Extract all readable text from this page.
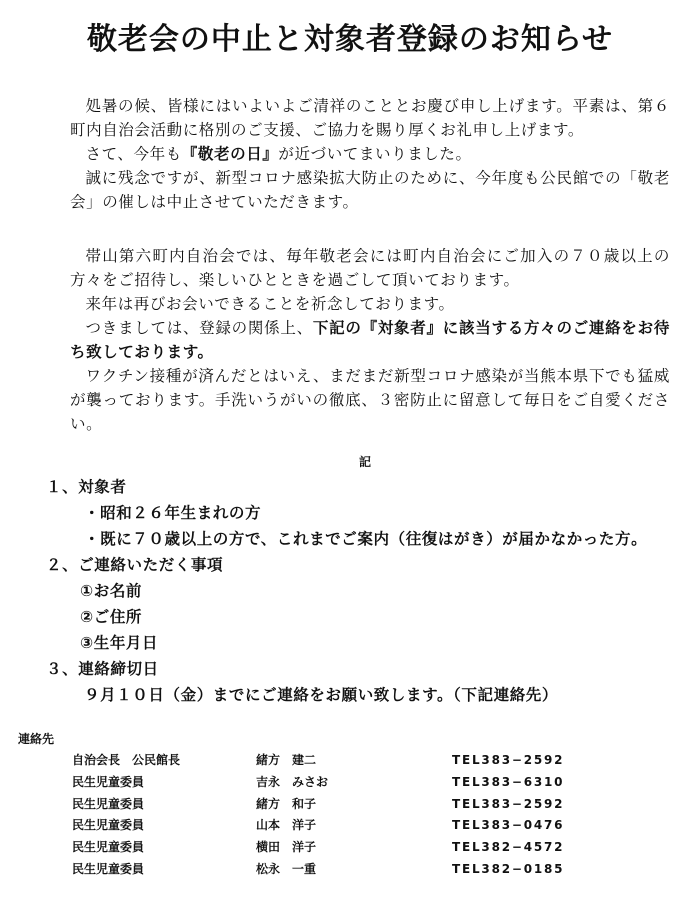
敬老会の中止と対象者登録のお知らせ

処暑の候、皆様にはいよいよご清祥のこととお慶び申し上げます。平素は、第６町内自治会活動に格別のご支援、ご協力を賜り厚くお礼申し上げます。

さて、今年も『敬老の日』が近づいてまいりました。

誠に残念ですが、新型コロナ感染拡大防止のために、今年度も公民館での「敬老会」の催しは中止させていただきます。

帯山第六町内自治会では、毎年敬老会には町内自治会にご加入の７０歳以上の方々をご招待し、楽しいひとときを過ごして頂いております。

来年は再びお会いできることを祈念しております。

つきましては、登録の関係上、下記の『対象者』に該当する方々のご連絡をお待ち致しております。

ワクチン接種が済んだとはいえ、まだまだ新型コロナ感染が当熊本県下でも猛威が襲っております。手洗いうがいの徹底、３密防止に留意して毎日をご自愛ください。

記
１、対象者
・昭和２６年生まれの方
・既に７０歳以上の方で、これまでご案内（往復はがき）が届かなかった方。
２、ご連絡いただく事項
①お名前
②ご住所
③生年月日
３、連絡締切日
９月１０日（金）までにご連絡をお願い致します。（下記連絡先）
連絡先
自治会長　公民館長	緒方　建二	TEL383−2592
民生児童委員	吉永　みさお	TEL383−6310
民生児童委員	緒方　和子	TEL383−2592
民生児童委員	山本　洋子	TEL383−0476
民生児童委員	横田　洋子	TEL382−4572
民生児童委員	松永　一重	TEL382−0185
